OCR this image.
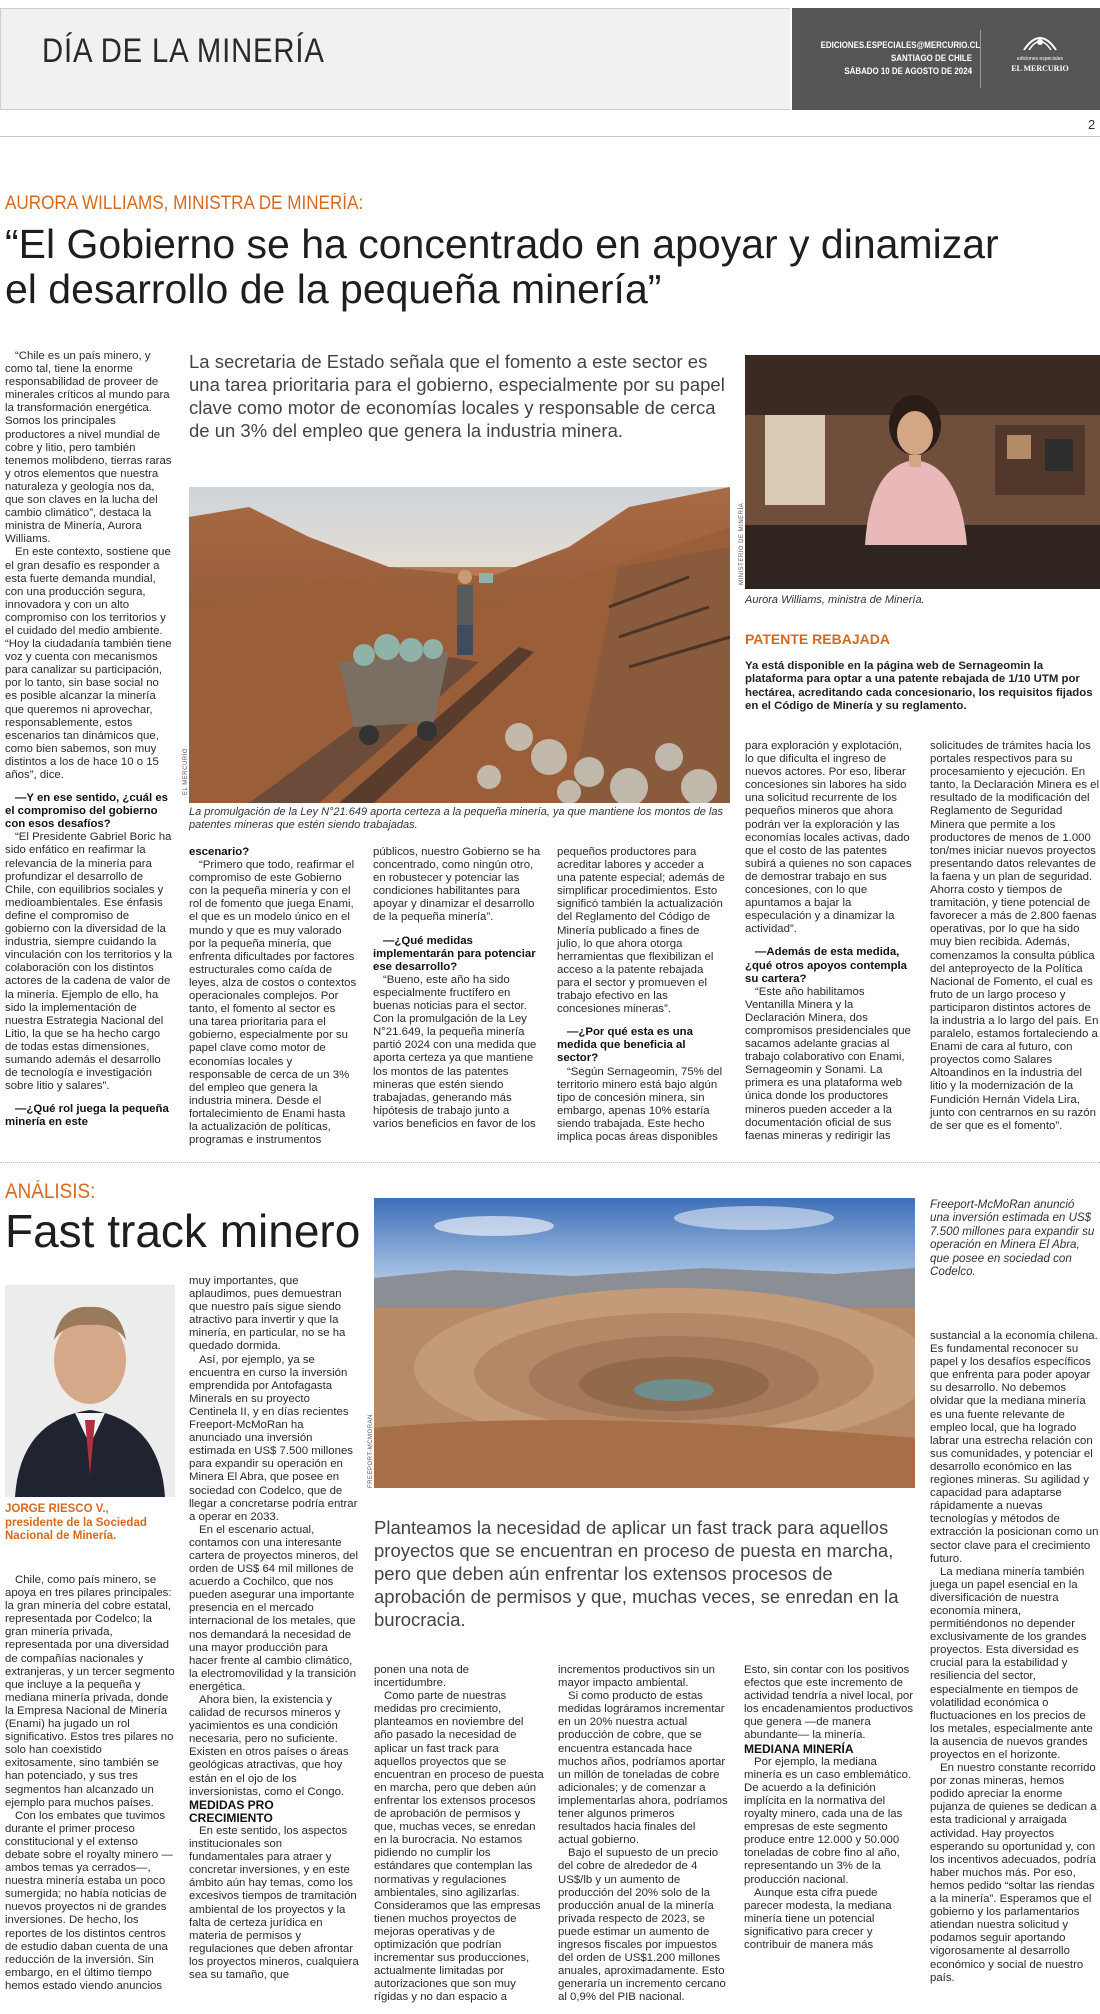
DÍA DE LA MINERÍA	EDICIONES.ESPECIALES@MERCURIO.CL
SANTIAGO DE CHILE
SÁBADO 10 DE AGOSTO DE 2024
ediciones especiales
EL MERCURIO
2
AURORA WILLIAMS, MINISTRA DE MINERÍA:
“El Gobierno se ha concentrado en apoyar y dinamizar el desarrollo de la pequeña minería”
La secretaria de Estado señala que el fomento a este sector es una tarea prioritaria para el gobierno, especialmente por su papel clave como motor de economías locales y responsable de cerca de un 3% del empleo que genera la industria minera.
EL MERCURIO
La promulgación de la Ley N°21.649 aporta certeza a la pequeña minería, ya que mantiene los montos de las patentes mineras que estén siendo trabajadas.
MINISTERIO DE MINERÍA
Aurora Williams, ministra de Minería.
PATENTE REBAJADA
Ya está disponible en la página web de Sernageomin la plataforma para optar a una patente rebajada de 1/10 UTM por hectárea, acreditando cada concesionario, los requisitos fijados en el Código de Minería y su reglamento.

“Chile es un país minero, y como tal, tiene la enorme responsabilidad de proveer de minerales críticos al mundo para la transformación energética. Somos los principales productores a nivel mundial de cobre y litio, pero también tenemos molibdeno, tierras raras y otros elementos que nuestra naturaleza y geología nos da, que son claves en la lucha del cambio climático”, destaca la ministra de Minería, Aurora Williams.

En este contexto, sostiene que el gran desafío es responder a esta fuerte demanda mundial, con una producción segura, innovadora y con un alto compromiso con los territorios y el cuidado del medio ambiente. “Hoy la ciudadanía también tiene voz y cuenta con mecanismos para canalizar su participación, por lo tanto, sin base social no es posible alcanzar la minería que queremos ni aprovechar, responsablemente, estos escenarios tan dinámicos que, como bien sabemos, son muy distintos a los de hace 10 o 15 años”, dice.

—Y en ese sentido, ¿cuál es el compromiso del gobierno con esos desafíos?

“El Presidente Gabriel Boric ha sido enfático en reafirmar la relevancia de la minería para profundizar el desarrollo de Chile, con equilibrios sociales y medioambientales. Ese énfasis define el compromiso de gobierno con la diversidad de la industria, siempre cuidando la vinculación con los territorios y la colaboración con los distintos actores de la cadena de valor de la minería. Ejemplo de ello, ha sido la implementación de nuestra Estrategia Nacional del Litio, la que se ha hecho cargo de todas estas dimensiones, sumando además el desarrollo de tecnología e investigación sobre litio y salares”.

—¿Qué rol juega la pequeña minería en este

escenario?

“Primero que todo, reafirmar el compromiso de este Gobierno con la pequeña minería y con el rol de fomento que juega Enami, el que es un modelo único en el mundo y que es muy valorado por la pequeña minería, que enfrenta dificultades por factores estructurales como caída de leyes, alza de costos o contextos operacionales complejos. Por tanto, el fomento al sector es una tarea prioritaria para el gobierno, especialmente por su papel clave como motor de economías locales y responsable de cerca de un 3% del empleo que genera la industria minera. Desde el fortalecimiento de Enami hasta la actualización de políticas, programas e instrumentos

públicos, nuestro Gobierno se ha concentrado, como ningún otro, en robustecer y potenciar las condiciones habilitantes para apoyar y dinamizar el desarrollo de la pequeña minería”.

—¿Qué medidas implementarán para potenciar ese desarrollo?

“Bueno, este año ha sido especialmente fructífero en buenas noticias para el sector. Con la promulgación de la Ley N°21.649, la pequeña minería partió 2024 con una medida que aporta certeza ya que mantiene los montos de las patentes mineras que estén siendo trabajadas, generando más hipótesis de trabajo junto a varios beneficios en favor de los

pequeños productores para acreditar labores y acceder a una patente especial; además de simplificar procedimientos. Esto significó también la actualización del Reglamento del Código de Minería publicado a fines de julio, lo que ahora otorga herramientas que flexibilizan el acceso a la patente rebajada para el sector y promueven el trabajo efectivo en las concesiones mineras”.

—¿Por qué esta es una medida que beneficia al sector?

“Según Sernageomin, 75% del territorio minero está bajo algún tipo de concesión minera, sin embargo, apenas 10% estaría siendo trabajada. Este hecho implica pocas áreas disponibles

para exploración y explotación, lo que dificulta el ingreso de nuevos actores. Por eso, liberar concesiones sin labores ha sido una solicitud recurrente de los pequeños mineros que ahora podrán ver la exploración y las economías locales activas, dado que el costo de las patentes subirá a quienes no son capaces de demostrar trabajo en sus concesiones, con lo que apuntamos a bajar la especulación y a dinamizar la actividad”.

—Además de esta medida, ¿qué otros apoyos contempla su cartera?

“Este año habilitamos Ventanilla Minera y la Declaración Minera, dos compromisos presidenciales que sacamos adelante gracias al trabajo colaborativo con Enami, Sernageomin y Sonami. La primera es una plataforma web única donde los productores mineros pueden acceder a la documentación oficial de sus faenas mineras y redirigir las

solicitudes de trámites hacia los portales respectivos para su procesamiento y ejecución. En tanto, la Declaración Minera es el resultado de la modificación del Reglamento de Seguridad Minera que permite a los productores de menos de 1.000 ton/mes iniciar nuevos proyectos presentando datos relevantes de la faena y un plan de seguridad. Ahorra costo y tiempos de tramitación, y tiene potencial de favorecer a más de 2.800 faenas operativas, por lo que ha sido muy bien recibida. Además, comenzamos la consulta pública del anteproyecto de la Política Nacional de Fomento, el cual es fruto de un largo proceso y participaron distintos actores de la industria a lo largo del país. En paralelo, estamos fortaleciendo a Enami de cara al futuro, con proyectos como Salares Altoandinos en la industria del litio y la modernización de la Fundición Hernán Videla Lira, junto con centrarnos en su razón de ser que es el fomento”.

ANÁLISIS:
Fast track minero
JORGE RIESCO V.,
presidente de la Sociedad Nacional de Minería.
FREEPORT-MCMORAN
Freeport-McMoRan anunció una inversión estimada en US$ 7.500 millones para expandir su operación en Minera El Abra, que posee en sociedad con Codelco.
Planteamos la necesidad de aplicar un fast track para aquellos proyectos que se encuentran en proceso de puesta en marcha, pero que deben aún enfrentar los extensos procesos de aprobación de permisos y que, muchas veces, se enredan en la burocracia.

Chile, como país minero, se apoya en tres pilares principales: la gran minería del cobre estatal, representada por Codelco; la gran minería privada, representada por una diversidad de compañías nacionales y extranjeras, y un tercer segmento que incluye a la pequeña y mediana minería privada, donde la Empresa Nacional de Minería (Enami) ha jugado un rol significativo. Estos tres pilares no solo han coexistido exitosamente, sino también se han potenciado, y sus tres segmentos han alcanzado un ejemplo para muchos países.

Con los embates que tuvimos durante el primer proceso constitucional y el extenso debate sobre el royalty minero —ambos temas ya cerrados—, nuestra minería estaba un poco sumergida; no había noticias de nuevos proyectos ni de grandes inversiones. De hecho, los reportes de los distintos centros de estudio daban cuenta de una reducción de la inversión. Sin embargo, en el último tiempo hemos estado viendo anuncios

muy importantes, que aplaudimos, pues demuestran que nuestro país sigue siendo atractivo para invertir y que la minería, en particular, no se ha quedado dormida.

Así, por ejemplo, ya se encuentra en curso la inversión emprendida por Antofagasta Minerals en su proyecto Centinela II, y en días recientes Freeport-McMoRan ha anunciado una inversión estimada en US$ 7.500 millones para expandir su operación en Minera El Abra, que posee en sociedad con Codelco, que de llegar a concretarse podría entrar a operar en 2033.

En el escenario actual, contamos con una interesante cartera de proyectos mineros, del orden de US$ 64 mil millones de acuerdo a Cochilco, que nos pueden asegurar una importante presencia en el mercado internacional de los metales, que nos demandará la necesidad de una mayor producción para hacer frente al cambio climático, la electromovilidad y la transición energética.

Ahora bien, la existencia y calidad de recursos mineros y yacimientos es una condición necesaria, pero no suficiente. Existen en otros países o áreas geológicas atractivas, que hoy están en el ojo de los inversionistas, como el Congo.

MEDIDAS PRO CRECIMIENTO

En este sentido, los aspectos institucionales son fundamentales para atraer y concretar inversiones, y en este ámbito aún hay temas, como los excesivos tiempos de tramitación ambiental de los proyectos y la falta de certeza jurídica en materia de permisos y regulaciones que deben afrontar los proyectos mineros, cualquiera sea su tamaño, que

ponen una nota de incertidumbre.

Como parte de nuestras medidas pro crecimiento, planteamos en noviembre del año pasado la necesidad de aplicar un fast track para aquellos proyectos que se encuentran en proceso de puesta en marcha, pero que deben aún enfrentar los extensos procesos de aprobación de permisos y que, muchas veces, se enredan en la burocracia. No estamos pidiendo no cumplir los estándares que contemplan las normativas y regulaciones ambientales, sino agilizarlas. Consideramos que las empresas tienen muchos proyectos de mejoras operativas y de optimización que podrían incrementar sus producciones, actualmente limitadas por autorizaciones que son muy rígidas y no dan espacio a

incrementos productivos sin un mayor impacto ambiental.

Si como producto de estas medidas lográramos incrementar en un 20% nuestra actual producción de cobre, que se encuentra estancada hace muchos años, podríamos aportar un millón de toneladas de cobre adicionales; y de comenzar a implementarlas ahora, podríamos tener algunos primeros resultados hacia finales del actual gobierno.

Bajo el supuesto de un precio del cobre de alrededor de 4 US$/lb y un aumento de producción del 20% solo de la producción anual de la minería privada respecto de 2023, se puede estimar un aumento de ingresos fiscales por impuestos del orden de US$1.200 millones anuales, aproximadamente. Esto generaría un incremento cercano al 0,9% del PIB nacional.

Esto, sin contar con los positivos efectos que este incremento de actividad tendría a nivel local, por los encadenamientos productivos que genera —de manera abundante— la minería.

MEDIANA MINERÍA

Por ejemplo, la mediana minería es un caso emblemático. De acuerdo a la definición implícita en la normativa del royalty minero, cada una de las empresas de este segmento produce entre 12.000 y 50.000 toneladas de cobre fino al año, representando un 3% de la producción nacional.

Aunque esta cifra puede parecer modesta, la mediana minería tiene un potencial significativo para crecer y contribuir de manera más

sustancial a la economía chilena. Es fundamental reconocer su papel y los desafíos específicos que enfrenta para poder apoyar su desarrollo. No debemos olvidar que la mediana minería es una fuente relevante de empleo local, que ha logrado labrar una estrecha relación con sus comunidades, y potenciar el desarrollo económico en las regiones mineras. Su agilidad y capacidad para adaptarse rápidamente a nuevas tecnologías y métodos de extracción la posicionan como un sector clave para el crecimiento futuro.

La mediana minería también juega un papel esencial en la diversificación de nuestra economía minera, permitiéndonos no depender exclusivamente de los grandes proyectos. Esta diversidad es crucial para la estabilidad y resiliencia del sector, especialmente en tiempos de volatilidad económica o fluctuaciones en los precios de los metales, especialmente ante la ausencia de nuevos grandes proyectos en el horizonte.

En nuestro constante recorrido por zonas mineras, hemos podido apreciar la enorme pujanza de quienes se dedican a esta tradicional y arraigada actividad. Hay proyectos esperando su oportunidad y, con los incentivos adecuados, podría haber muchos más. Por eso, hemos pedido “soltar las riendas a la minería”. Esperamos que el gobierno y los parlamentarios atiendan nuestra solicitud y podamos seguir aportando vigorosamente al desarrollo económico y social de nuestro país.
